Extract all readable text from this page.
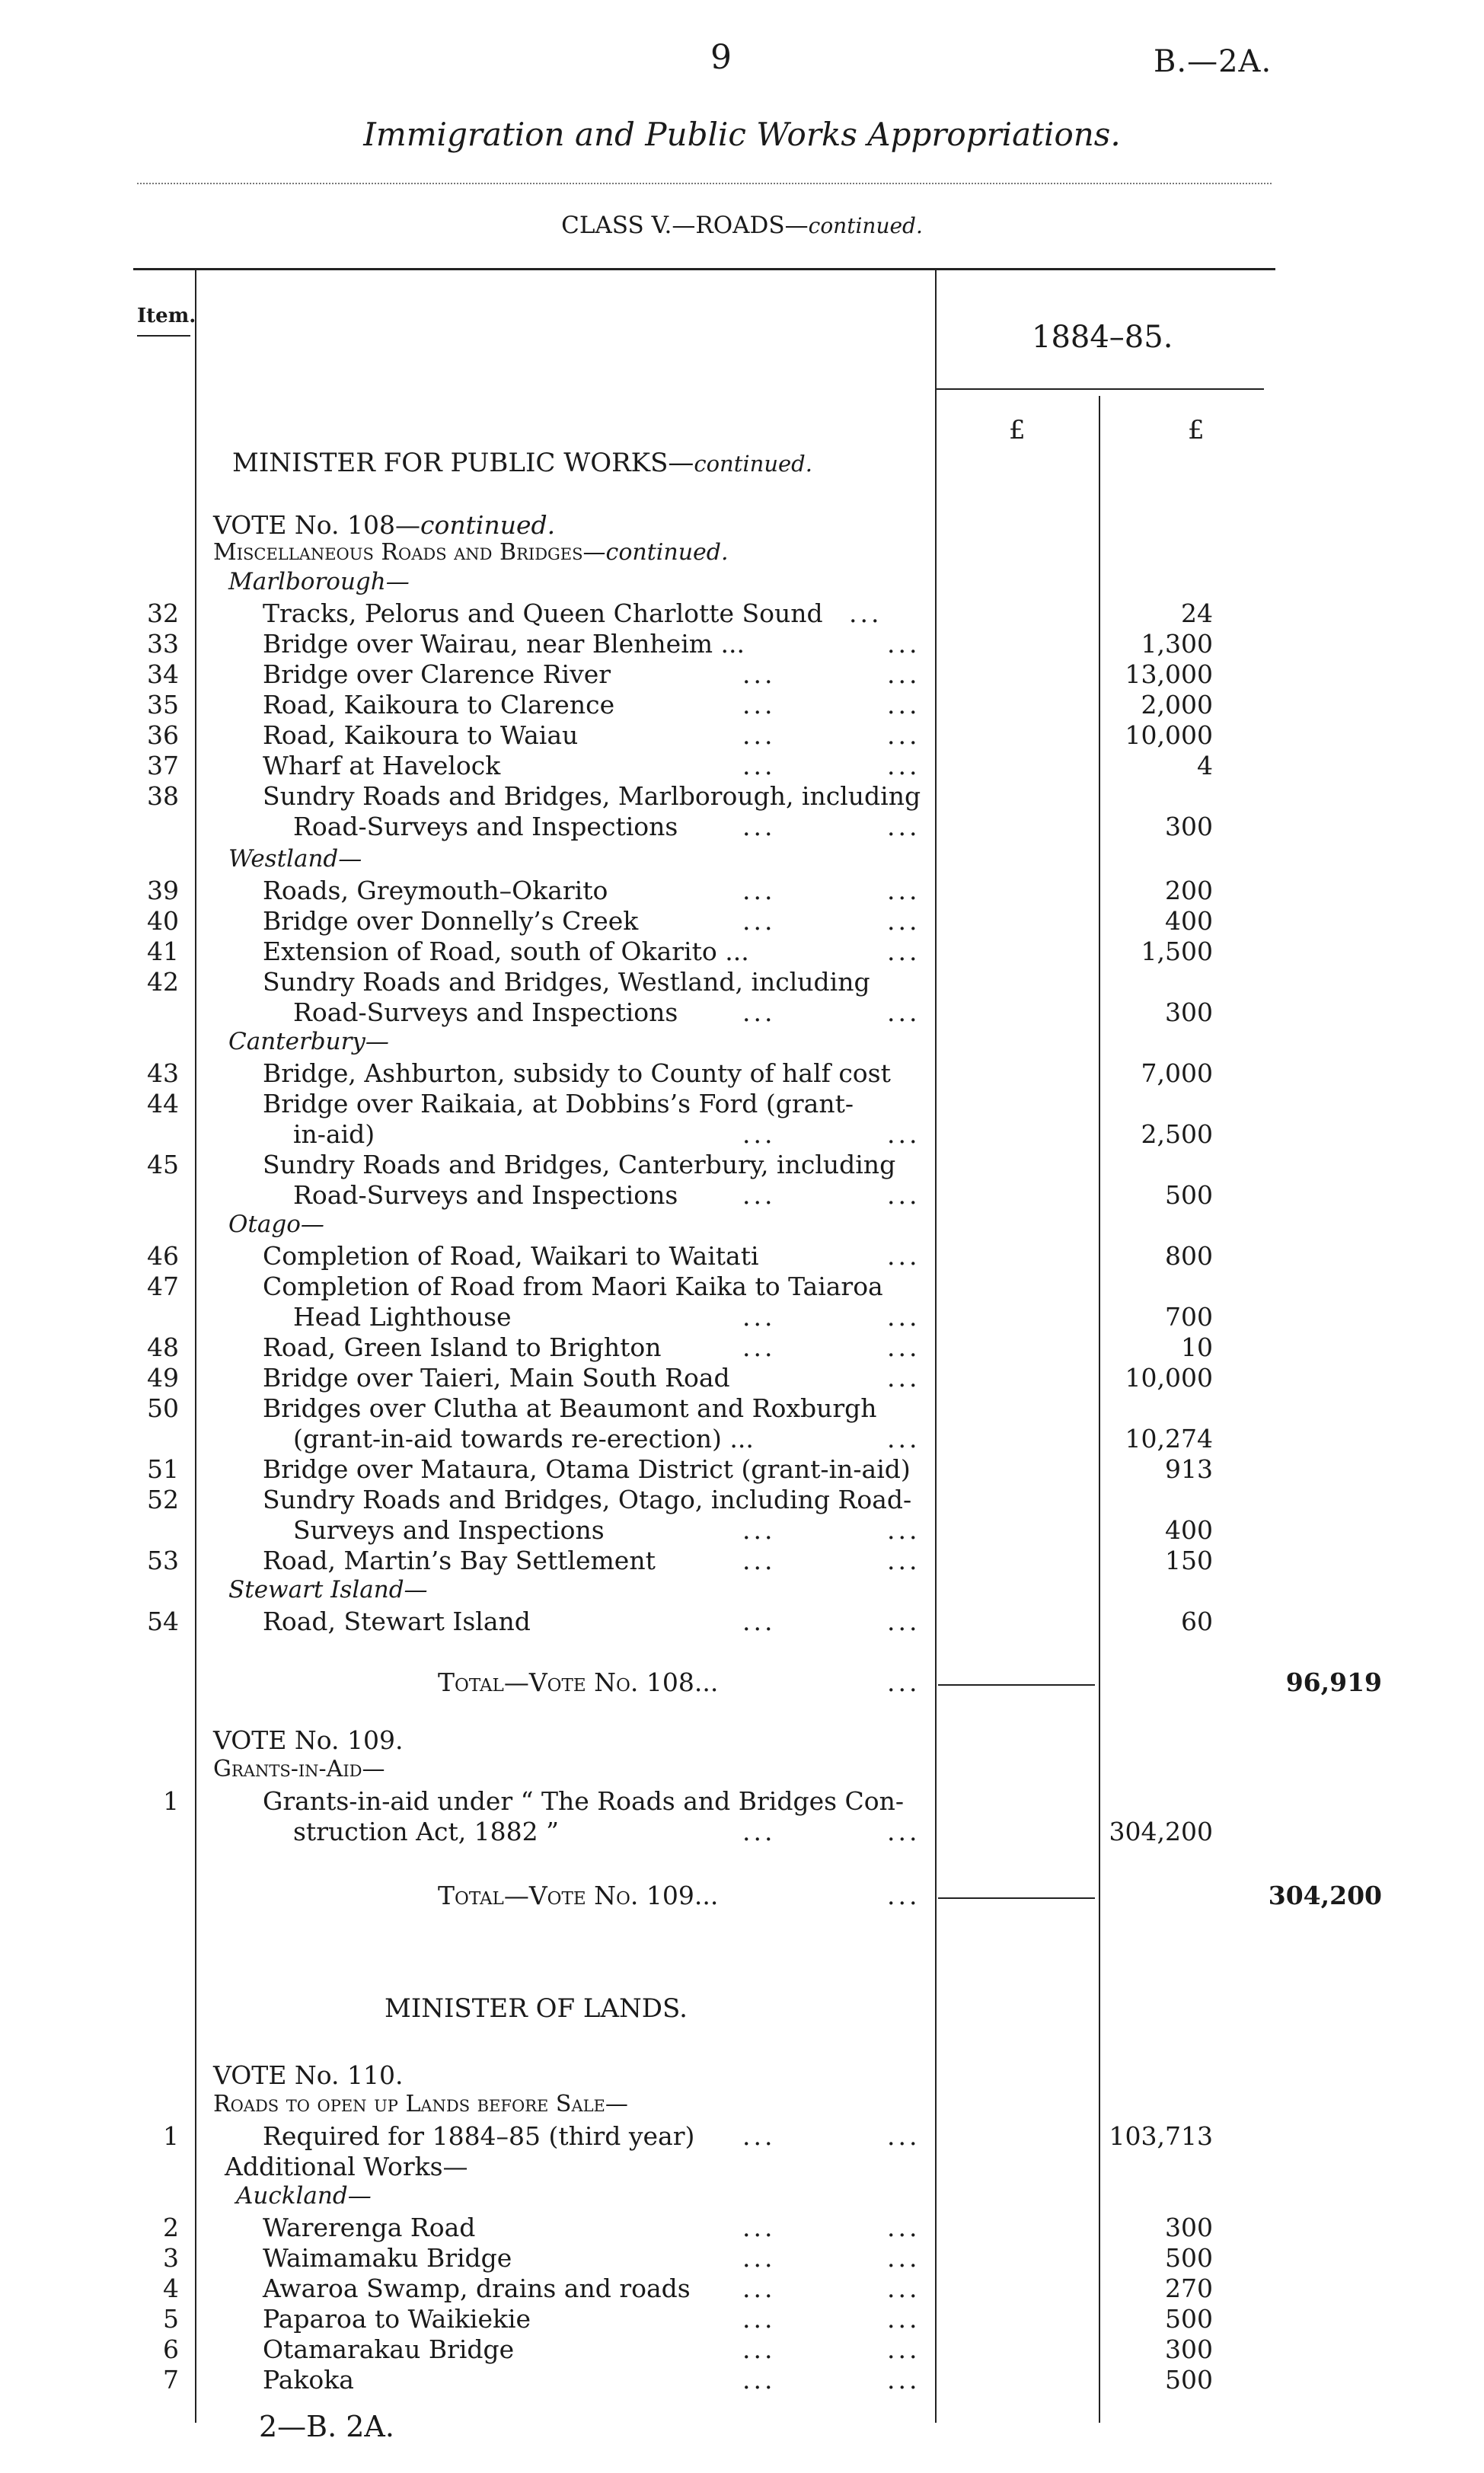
9	B.—2A.
Immigration and Public Works Appropriations.
CLASS V.—ROADS—continued.
Item.
1884–85.
£	£
MINISTER FOR PUBLIC WORKS—continued.
VOTE No. 108—continued.
Miscellaneous Roads and Bridges—continued.
Marlborough—
32	Tracks, Pelorus and Queen Charlotte Sound ...	24
33	Bridge over Wairau, near Blenheim ...	...	1,300
34	Bridge over Clarence River	...	...	13,000
35	Road, Kaikoura to Clarence	...	...	2,000
36	Road, Kaikoura to Waiau	...	...	10,000
37	Wharf at Havelock	...	...	4
38	Sundry Roads and Bridges, Marlborough, including
Road-Surveys and Inspections	...	...	300
Westland—
39	Roads, Greymouth–Okarito	...	...	200
40	Bridge over Donnelly’s Creek	...	...	400
41	Extension of Road, south of Okarito ...	...	1,500
42	Sundry Roads and Bridges, Westland, including
Road-Surveys and Inspections	...	...	300
Canterbury—
43	Bridge, Ashburton, subsidy to County of half cost	7,000
44	Bridge over Raikaia, at Dobbins’s Ford (grant-
in-aid)	...	...	2,500
45	Sundry Roads and Bridges, Canterbury, including
Road-Surveys and Inspections	...	...	500
Otago—
46	Completion of Road, Waikari to Waitati	...	800
47	Completion of Road from Maori Kaika to Taiaroa
Head Lighthouse	...	...	700
48	Road, Green Island to Brighton	...	...	10
49	Bridge over Taieri, Main South Road	...	10,000
50	Bridges over Clutha at Beaumont and Roxburgh
(grant-in-aid towards re-erection) ...	...	10,274
51	Bridge over Mataura, Otama District (grant-in-aid)	913
52	Sundry Roads and Bridges, Otago, including Road-
Surveys and Inspections	...	...	400
53	Road, Martin’s Bay Settlement	...	...	150
Stewart Island—
54	Road, Stewart Island	...	...	60
Total—Vote No. 108...	...	96,919
VOTE No. 109.
Grants-in-Aid—
1	Grants-in-aid under “ The Roads and Bridges Con-
struction Act, 1882 ”	...	...	304,200
Total—Vote No. 109...	...	304,200
MINISTER OF LANDS.
VOTE No. 110.
Roads to open up Lands before Sale—
1	Required for 1884–85 (third year) ...	...	103,713
Additional Works—
Auckland—
2	Warerenga Road	...	...	300
3	Waimamaku Bridge	...	...	500
4	Awaroa Swamp, drains and roads ...	...	270
5	Paparoa to Waikiekie	...	...	500
6	Otamarakau Bridge	...	...	300
7	Pakoka	...	...	500
2—B. 2A.
